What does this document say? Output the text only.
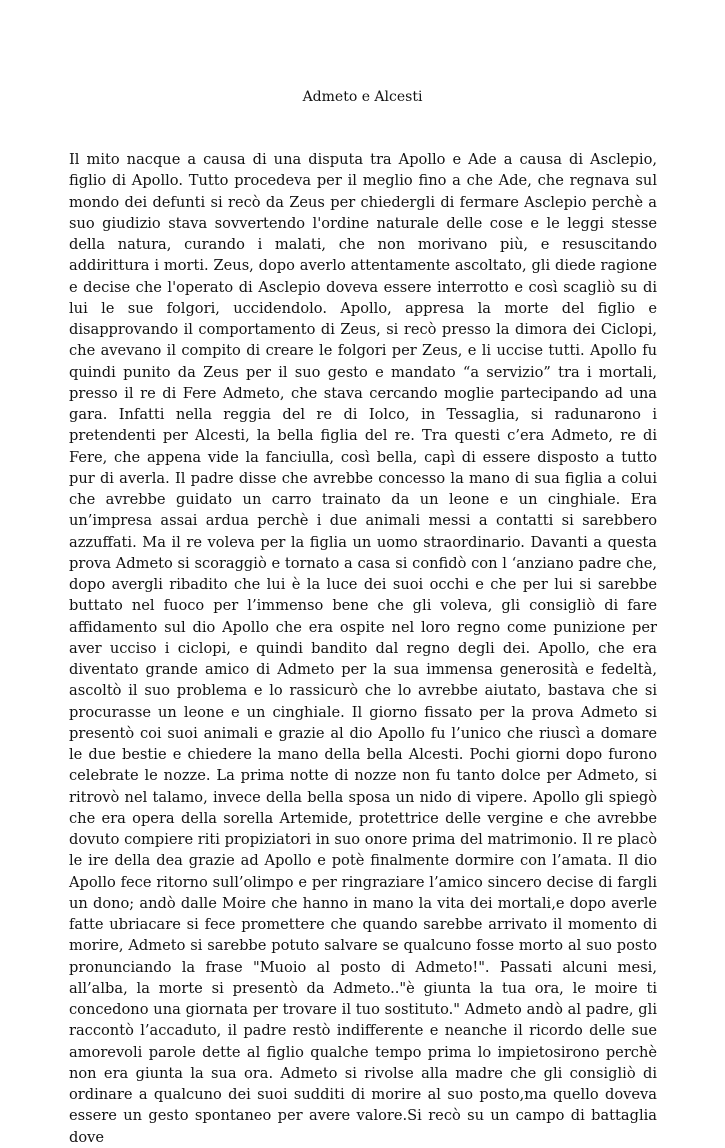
Admeto e Alcesti

Il mito nacque a causa di una disputa tra Apollo e Ade a causa di Asclepio, figlio di Apollo. Tutto procedeva per il meglio fino a che Ade, che regnava sul mondo dei defunti si recò da Zeus per chiedergli di fermare Asclepio perchè a suo giudizio stava sovvertendo l'ordine naturale delle cose e le leggi stesse della natura, curando i malati, che non morivano più, e resuscitando addirittura i morti. Zeus, dopo averlo attentamente ascoltato, gli diede ragione e decise che l'operato di Asclepio doveva essere interrotto e così scagliò su di lui le sue folgori, uccidendolo. Apollo, appresa la morte del figlio e disapprovando il comportamento di Zeus, si recò presso la dimora dei Ciclopi, che avevano il compito di creare le folgori per Zeus, e li uccise tutti. Apollo fu quindi punito da Zeus per il suo gesto e mandato “a servizio” tra i mortali, presso il re di Fere Admeto, che stava cercando moglie partecipando ad una gara. Infatti nella reggia del re di Iolco, in Tessaglia, si radunarono i pretendenti per Alcesti, la bella figlia del re. Tra questi c’era Admeto, re di Fere, che appena vide la fanciulla, così bella, capì di essere disposto a tutto pur di averla. Il padre disse che avrebbe concesso la mano di sua figlia a colui che avrebbe guidato un carro trainato da un leone e un cinghiale. Era un’impresa assai ardua perchè i due animali messi a contatti si sarebbero azzuffati. Ma il re voleva per la figlia un uomo straordinario. Davanti a questa prova Admeto si scoraggiò e tornato a casa si confidò con l ‘anziano padre che, dopo avergli ribadito che lui è la luce dei suoi occhi e che per lui si sarebbe buttato nel fuoco per l’immenso bene che gli voleva, gli consigliò di fare affidamento sul dio Apollo che era ospite nel loro regno come punizione per aver ucciso i ciclopi, e quindi bandito dal regno degli dei. Apollo, che era diventato grande amico di Admeto per la sua immensa generosità e fedeltà, ascoltò il suo problema e lo rassicurò che lo avrebbe aiutato, bastava che si procurasse un leone e un cinghiale. Il giorno fissato per la prova Admeto si presentò coi suoi animali e grazie al dio Apollo fu l’unico che riuscì a domare le due bestie e chiedere la mano della bella Alcesti. Pochi giorni dopo furono celebrate le nozze. La prima notte di nozze non fu tanto dolce per Admeto, si ritrovò nel talamo, invece della bella sposa un nido di vipere. Apollo gli spiegò che era opera della sorella Artemide, protettrice delle vergine e che avrebbe dovuto compiere riti propiziatori in suo onore prima del matrimonio. Il re placò le ire della dea grazie ad Apollo e potè finalmente dormire con l’amata. Il dio Apollo fece ritorno sull’olimpo e per ringraziare l’amico sincero decise di fargli un dono; andò dalle Moire che hanno in mano la vita dei mortali,e dopo averle fatte ubriacare si fece promettere che quando sarebbe arrivato il momento di morire, Admeto si sarebbe potuto salvare se qualcuno fosse morto al suo posto pronunciando la frase "Muoio al posto di Admeto!". Passati alcuni mesi, all’alba, la morte si presentò da Admeto.."è giunta la tua ora, le moire ti concedono una giornata per trovare il tuo sostituto." Admeto andò al padre, gli raccontò l’accaduto, il padre restò indifferente e neanche il ricordo delle sue amorevoli parole dette al figlio qualche tempo prima lo impietosirono perchè non era giunta la sua ora. Admeto si rivolse alla madre che gli consigliò di ordinare a qualcuno dei suoi sudditi di morire al suo posto,ma quello doveva essere un gesto spontaneo per avere valore.Si recò su un campo di battaglia dove
